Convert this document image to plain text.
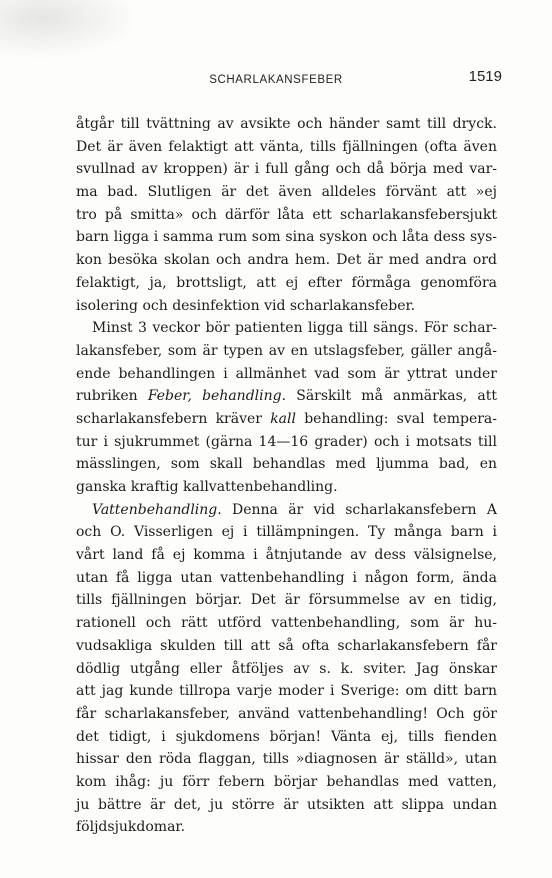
SCHARLAKANSFEBER	1519
åtgår till tvättning av avsikte och händer samt till dryck.
Det är även felaktigt att vänta, tills fjällningen (ofta även
svullnad av kroppen) är i full gång och då börja med var-
ma bad. Slutligen är det även alldeles förvänt att »ej
tro på smitta» och därför låta ett scharlakansfebersjukt
barn ligga i samma rum som sina syskon och låta dess sys-
kon besöka skolan och andra hem. Det är med andra ord
felaktigt, ja, brottsligt, att ej efter förmåga genomföra
isolering och desinfektion vid scharlakansfeber.
Minst 3 veckor bör patienten ligga till sängs. För schar-
lakansfeber, som är typen av en utslagsfeber, gäller angå-
ende behandlingen i allmänhet vad som är yttrat under
rubriken Feber, behandling. Särskilt må anmärkas, att
scharlakansfebern kräver kall behandling: sval tempera-
tur i sjukrummet (gärna 14—16 grader) och i motsats till
mässlingen, som skall behandlas med ljumma bad, en
ganska kraftig kallvattenbehandling.
Vattenbehandling. Denna är vid scharlakansfebern A
och O. Visserligen ej i tillämpningen. Ty många barn i
vårt land få ej komma i åtnjutande av dess välsignelse,
utan få ligga utan vattenbehandling i någon form, ända
tills fjällningen börjar. Det är försummelse av en tidig,
rationell och rätt utförd vattenbehandling, som är hu-
vudsakliga skulden till att så ofta scharlakansfebern får
dödlig utgång eller åtföljes av s. k. sviter. Jag önskar
att jag kunde tillropa varje moder i Sverige: om ditt barn
får scharlakansfeber, använd vattenbehandling! Och gör
det tidigt, i sjukdomens början! Vänta ej, tills fienden
hissar den röda flaggan, tills »diagnosen är ställd», utan
kom ihåg: ju förr febern börjar behandlas med vatten,
ju bättre är det, ju större är utsikten att slippa undan
följdsjukdomar.
